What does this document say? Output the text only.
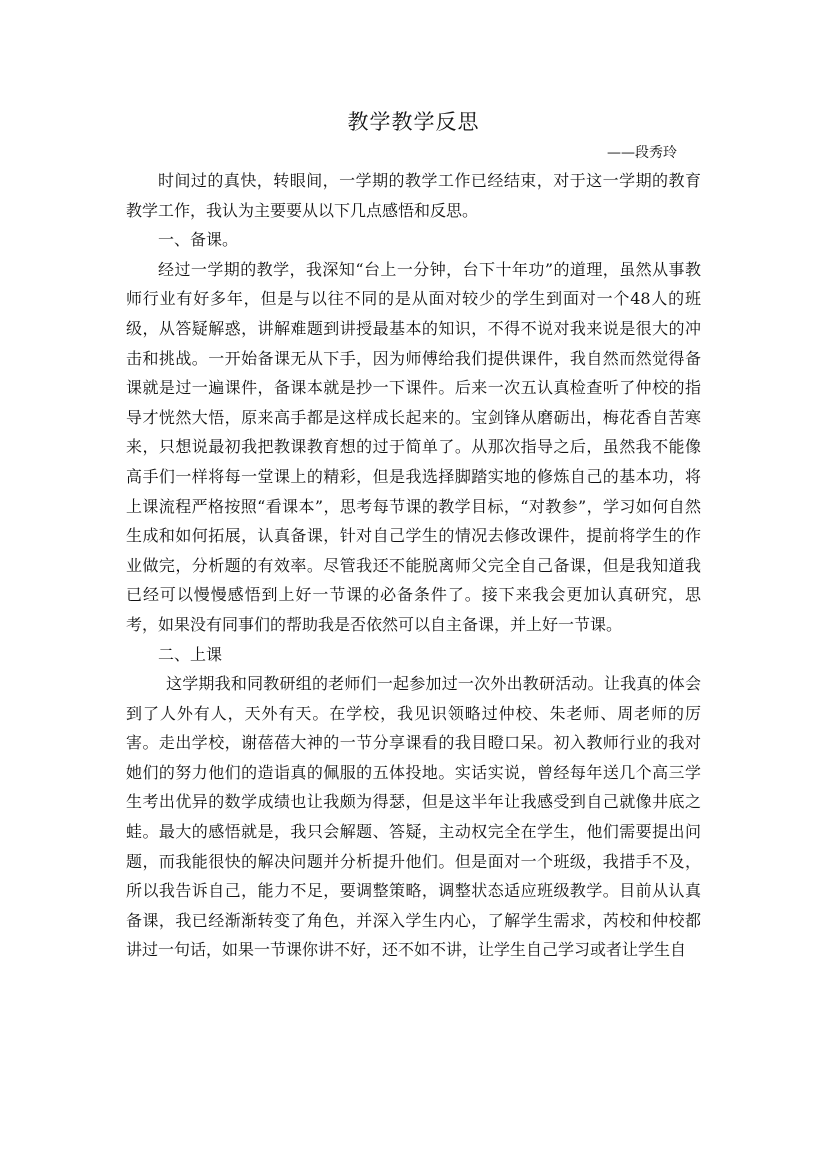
教学教学反思
——段秀玲

时间过的真快，转眼间，一学期的教学工作已经结束，对于这一学期的教育教学工作，我认为主要要从以下几点感悟和反思。

一、备课。

经过一学期的教学，我深知“台上一分钟，台下十年功”的道理，虽然从事教师行业有好多年，但是与以往不同的是从面对较少的学生到面对一个48人的班级，从答疑解惑，讲解难题到讲授最基本的知识，不得不说对我来说是很大的冲击和挑战。一开始备课无从下手，因为师傅给我们提供课件，我自然而然觉得备课就是过一遍课件，备课本就是抄一下课件。后来一次五认真检查听了仲校的指导才恍然大悟，原来高手都是这样成长起来的。宝剑锋从磨砺出，梅花香自苦寒来，只想说最初我把教课教育想的过于简单了。从那次指导之后，虽然我不能像高手们一样将每一堂课上的精彩，但是我选择脚踏实地的修炼自己的基本功，将上课流程严格按照“看课本”，思考每节课的教学目标，“对教参”，学习如何自然生成和如何拓展，认真备课，针对自己学生的情况去修改课件，提前将学生的作业做完，分析题的有效率。尽管我还不能脱离师父完全自己备课，但是我知道我已经可以慢慢感悟到上好一节课的必备条件了。接下来我会更加认真研究，思考，如果没有同事们的帮助我是否依然可以自主备课，并上好一节课。

二、上课

这学期我和同教研组的老师们一起参加过一次外出教研活动。让我真的体会到了人外有人，天外有天。在学校，我见识领略过仲校、朱老师、周老师的厉害。走出学校，谢蓓蓓大神的一节分享课看的我目瞪口呆。初入教师行业的我对她们的努力他们的造诣真的佩服的五体投地。实话实说，曾经每年送几个高三学生考出优异的数学成绩也让我颇为得瑟，但是这半年让我感受到自己就像井底之蛙。最大的感悟就是，我只会解题、答疑，主动权完全在学生，他们需要提出问题，而我能很快的解决问题并分析提升他们。但是面对一个班级，我措手不及，所以我告诉自己，能力不足，要调整策略，调整状态适应班级教学。目前从认真备课，我已经渐渐转变了角色，并深入学生内心，了解学生需求，芮校和仲校都讲过一句话，如果一节课你讲不好，还不如不讲，让学生自己学习或者让学生自
